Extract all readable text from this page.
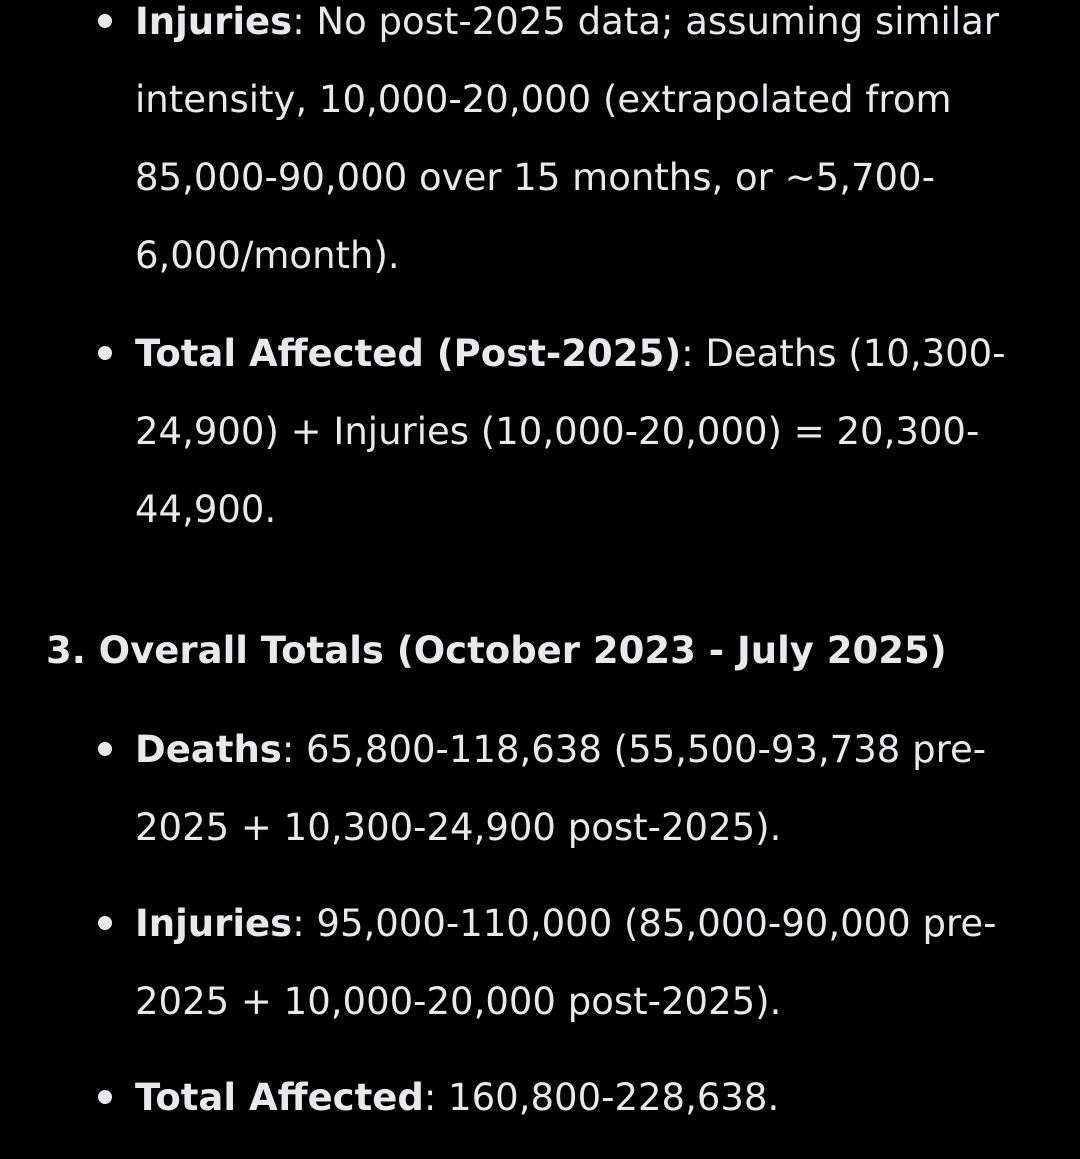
Injuries: No post-2025 data; assuming similar intensity, 10,000-20,000 (extrapolated from 85,000-90,000 over 15 months, or ~5,700-6,000/month).
Total Affected (Post-2025): Deaths (10,300-24,900) + Injuries (10,000-20,000) = 20,300-44,900.
3. Overall Totals (October 2023 - July 2025)
Deaths: 65,800-118,638 (55,500-93,738 pre-2025 + 10,300-24,900 post-2025).
Injuries: 95,000-110,000 (85,000-90,000 pre-2025 + 10,000-20,000 post-2025).
Total Affected: 160,800-228,638.
